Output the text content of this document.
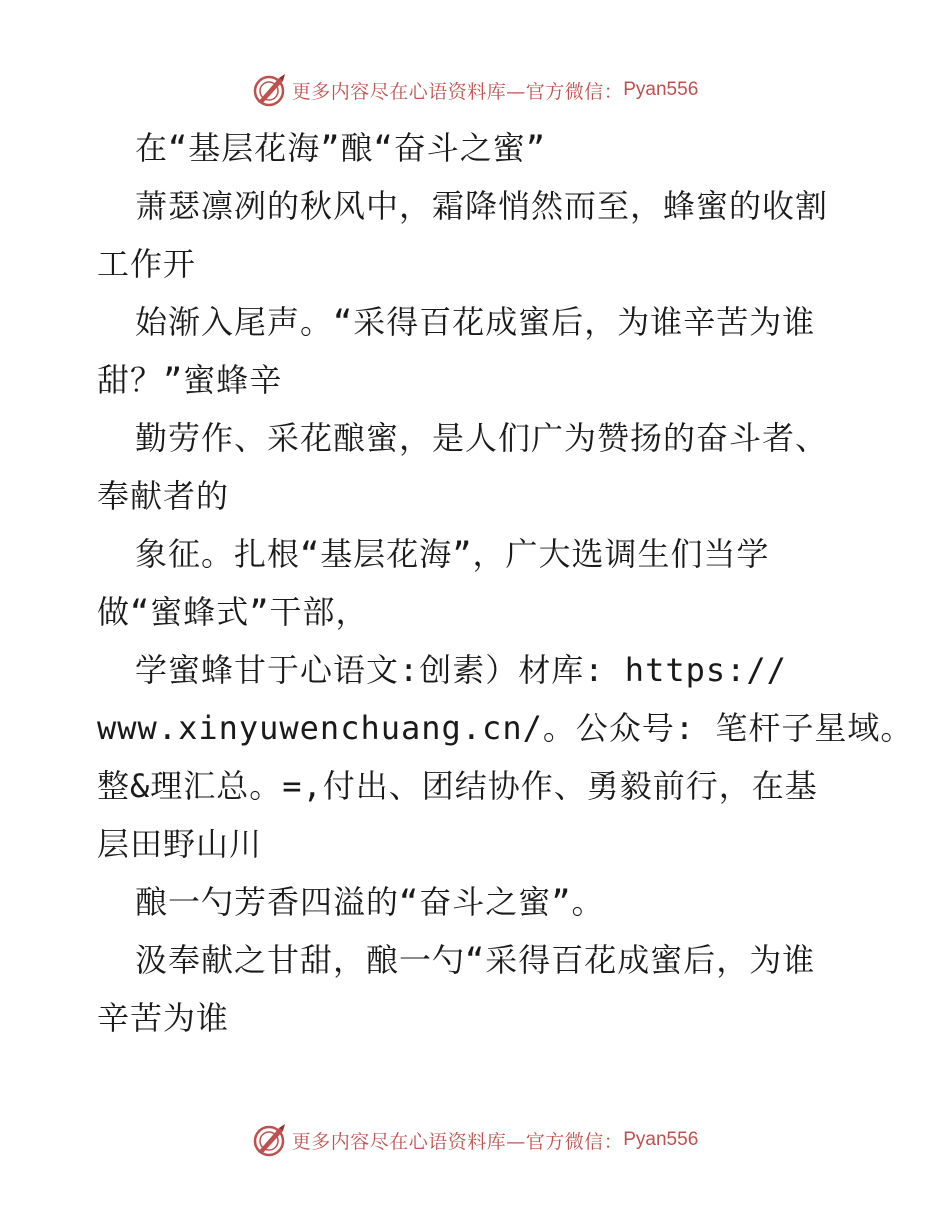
更多内容尽在心语资料库—官方微信： Pyan556
在“基层花海”酿“奋斗之蜜”
萧瑟凛冽的秋风中，霜降悄然而至，蜂蜜的收割
工作开
始渐入尾声。“采得百花成蜜后，为谁辛苦为谁
甜？”蜜蜂辛
勤劳作、采花酿蜜，是人们广为赞扬的奋斗者、
奉献者的
象征。扎根“基层花海”，广大选调生们当学
做“蜜蜂式”干部，
学蜜蜂甘于心语文:创素）材库: https://
www.xinyuwenchuang.cn/。公众号: 笔杆子星域。
整&理汇总。=,付出、团结协作、勇毅前行，在基
层田野山川
酿一勺芳香四溢的“奋斗之蜜”。
汲奉献之甘甜，酿一勺“采得百花成蜜后，为谁
辛苦为谁
更多内容尽在心语资料库—官方微信： Pyan556
